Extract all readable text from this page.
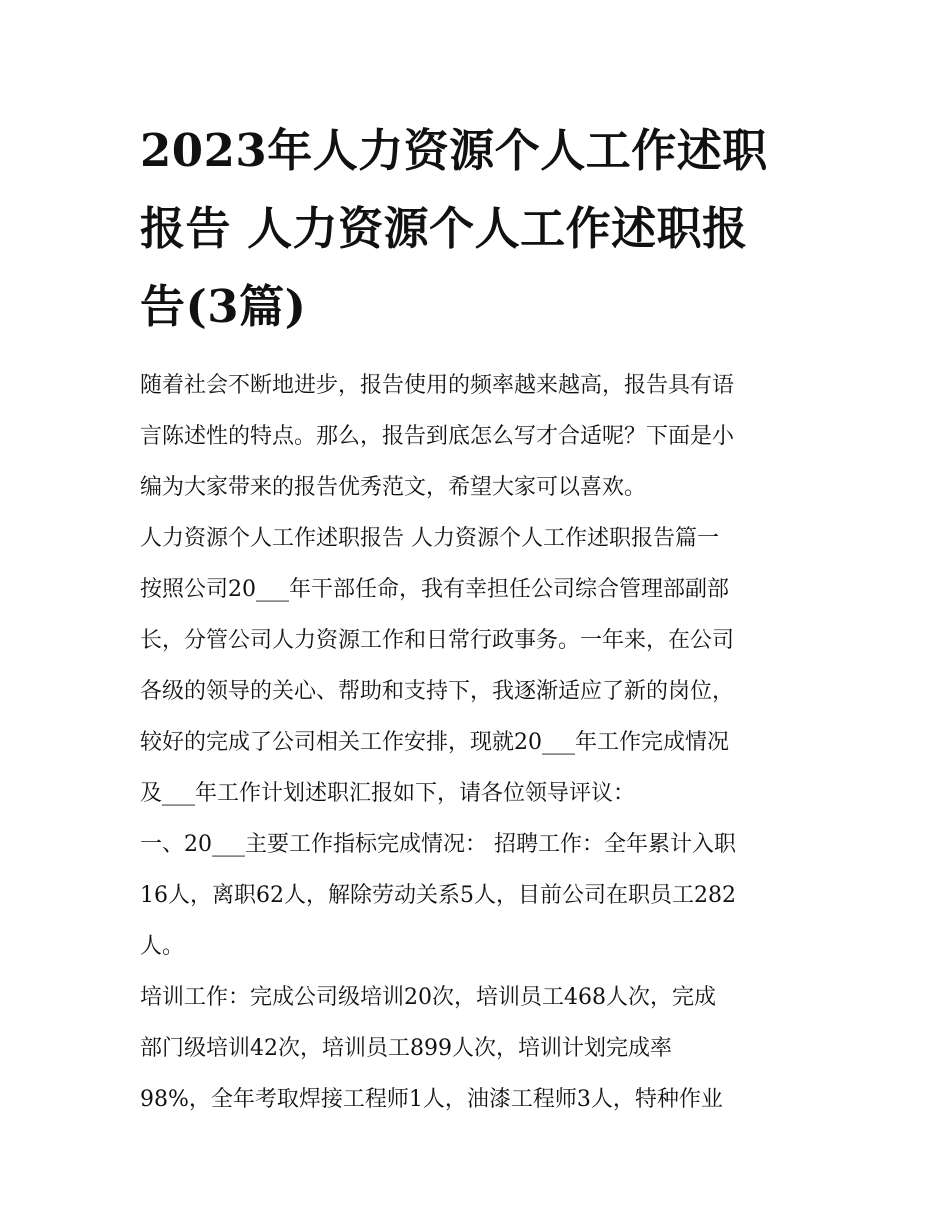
2023年人力资源个人工作述职
报告 人力资源个人工作述职报
告(3篇)

随着社会不断地进步，报告使用的频率越来越高，报告具有语
言陈述性的特点。那么，报告到底怎么写才合适呢？下面是小
编为大家带来的报告优秀范文，希望大家可以喜欢。

人力资源个人工作述职报告 人力资源个人工作述职报告篇一

按照公司20___年干部任命，我有幸担任公司综合管理部副部
长，分管公司人力资源工作和日常行政事务。一年来，在公司
各级的领导的关心、帮助和支持下，我逐渐适应了新的岗位，
较好的完成了公司相关工作安排，现就20___年工作完成情况
及___年工作计划述职汇报如下，请各位领导评议：

一、20___主要工作指标完成情况： 招聘工作：全年累计入职
16人，离职62人，解除劳动关系5人，目前公司在职员工282
人。

培训工作：完成公司级培训20次，培训员工468人次，完成
部门级培训42次，培训员工899人次，培训计划完成率
98%，全年考取焊接工程师1人，油漆工程师3人，特种作业
